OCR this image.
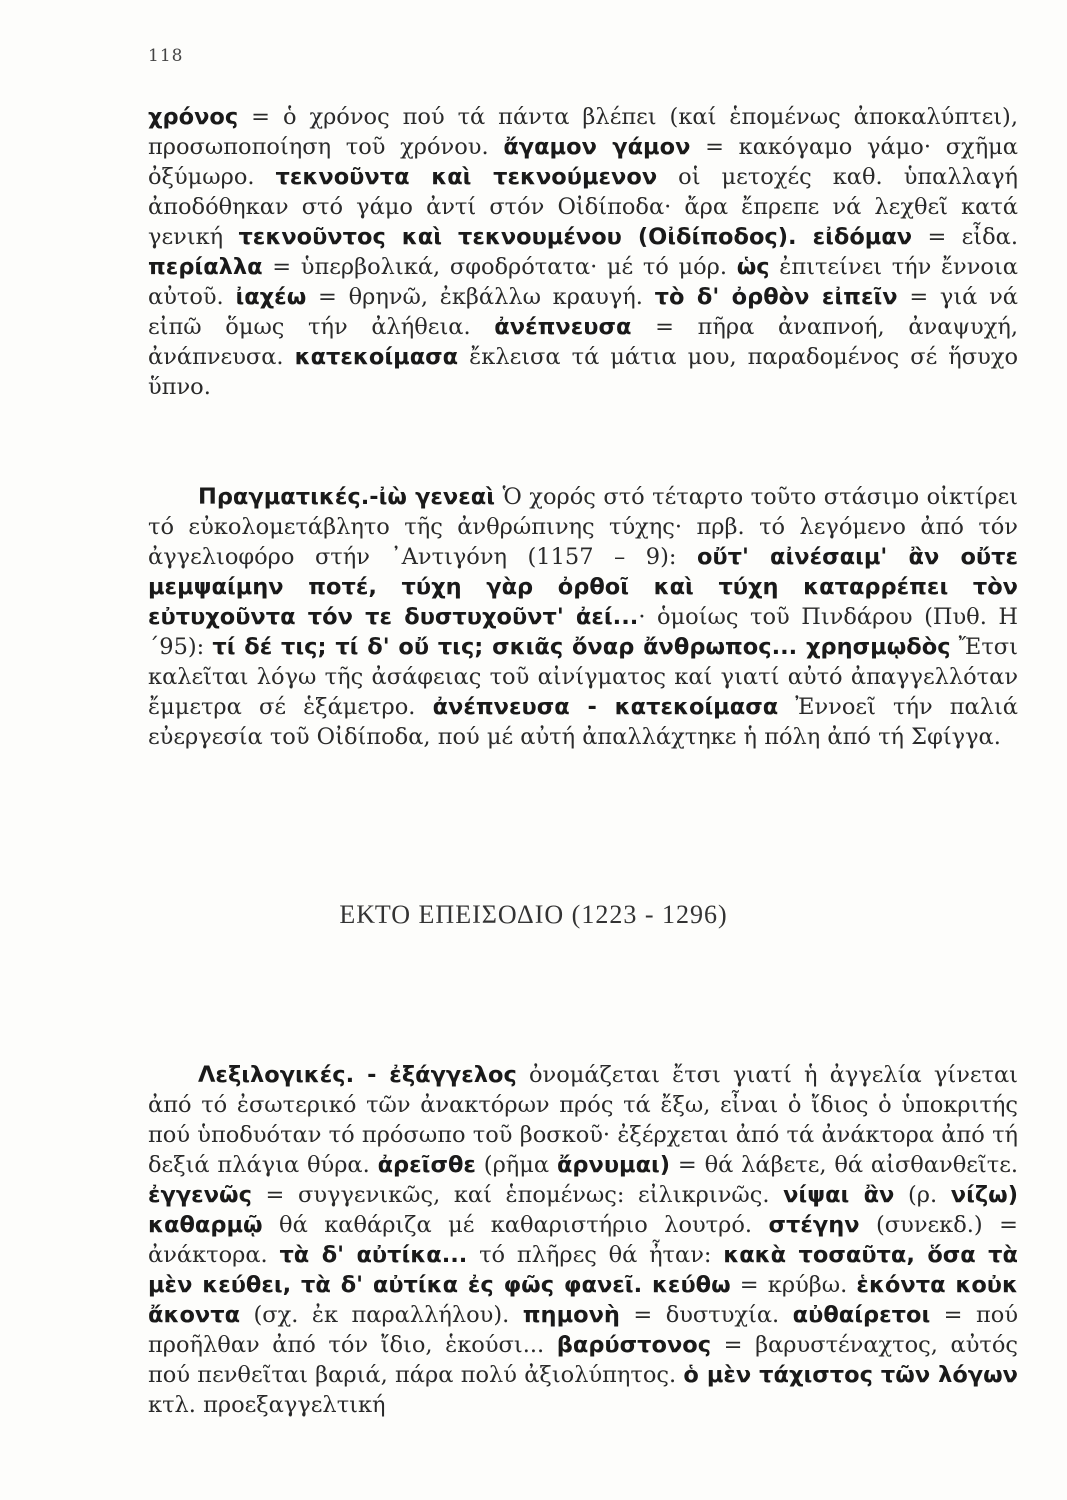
118

χρόνος = ὁ χρόνος πού τά πάντα βλέπει (καί ἑπομένως ἀποκαλύπτει), προσωποποίηση τοῦ χρόνου. ἄγαμον γάμον = κακόγαμο γάμο· σχῆμα ὀξύμωρο. τεκνοῦντα καὶ τεκνούμενον οἱ μετοχές καθ. ὑπαλλαγή ἀποδόθηκαν στό γάμο ἀντί στόν Οἰδίποδα· ἄρα ἔπρεπε νά λεχθεῖ κατά γενική τεκνοῦντος καὶ τεκνουμένου (Οἰδίποδος). εἰδόμαν = εἶδα. περίαλλα = ὑπερβολικά, σφοδρότατα· μέ τό μόρ. ὡς ἐπιτείνει τήν ἔννοια αὐτοῦ. ἰαχέω = θρηνῶ, ἐκβάλλω κραυγή. τὸ δ' ὀρθὸν εἰπεῖν = γιά νά εἰπῶ ὅμως τήν ἀλήθεια. ἀνέπνευσα = πῆρα ἀναπνοή, ἀναψυχή, ἀνάπνευσα. κατεκοίμασα ἔκλεισα τά μάτια μου, παραδομένος σέ ἥσυχο ὕπνο.

Πραγματικές.-ἰὼ γενεαὶ Ὁ χορός στό τέταρτο τοῦτο στάσιμο οἰκτίρει τό εὐκολομετάβλητο τῆς ἀνθρώπινης τύχης· πρβ. τό λεγόμενο ἀπό τόν ἀγγελιοφόρο στήν ᾿Αντιγόνη (1157 – 9): οὔτ' αἰνέσαιμ' ἂν οὔτε μεμψαίμην ποτέ, τύχη γὰρ ὀρθοῖ καὶ τύχη καταρρέπει τὸν εὐτυχοῦντα τόν τε δυστυχοῦντ' ἀεί...· ὁμοίως τοῦ Πινδάρου (Πυθ. Η´95): τί δέ τις; τί δ' οὔ τις; σκιᾶς ὄναρ ἄνθρωπος... χρησμῳδὸς Ἔτσι καλεῖται λόγω τῆς ἀσάφειας τοῦ αἰνίγματος καί γιατί αὐτό ἀπαγγελλόταν ἔμμετρα σέ ἑξάμετρο. ἀνέπνευσα - κατεκοίμασα Ἐννοεῖ τήν παλιά εὐεργεσία τοῦ Οἰδίποδα, πού μέ αὐτή ἀπαλλάχτηκε ἡ πόλη ἀπό τή Σφίγγα.

ΕΚΤΟ ΕΠΕΙΣΟΔΙΟ (1223 - 1296)

Λεξιλογικές. - ἐξάγγελος ὀνομάζεται ἔτσι γιατί ἡ ἀγγελία γίνεται ἀπό τό ἐσωτερικό τῶν ἀνακτόρων πρός τά ἔξω, εἶναι ὁ ἴδιος ὁ ὑποκριτής πού ὑποδυόταν τό πρόσωπο τοῦ βοσκοῦ· ἐξέρχεται ἀπό τά ἀνάκτορα ἀπό τή δεξιά πλάγια θύρα. ἀρεῖσθε (ρῆμα ἄρνυμαι) = θά λάβετε, θά αἰσθανθεῖτε. ἐγγενῶς = συγγενικῶς, καί ἑπομένως: εἰλικρινῶς. νίψαι ἂν (ρ. νίζω) καθαρμῷ θά καθάριζα μέ καθαριστήριο λουτρό. στέγην (συνεκδ.) = ἀνάκτορα. τὰ δ' αὐτίκα... τό πλῆρες θά ἦταν: κακὰ τοσαῦτα, ὅσα τὰ μὲν κεύθει, τὰ δ' αὐτίκα ἐς φῶς φανεῖ. κεύθω = κρύβω. ἑκόντα κοὐκ ἄκοντα (σχ. ἐκ παραλλήλου). πημονὴ = δυστυχία. αὐθαίρετοι = πού προῆλθαν ἀπό τόν ἴδιο, ἑκούσι... βαρύστονος = βαρυστέναχτος, αὐτός πού πενθεῖται βαριά, πάρα πολύ ἀξιολύπητος. ὁ μὲν τάχιστος τῶν λόγων κτλ. προεξαγγελτική
